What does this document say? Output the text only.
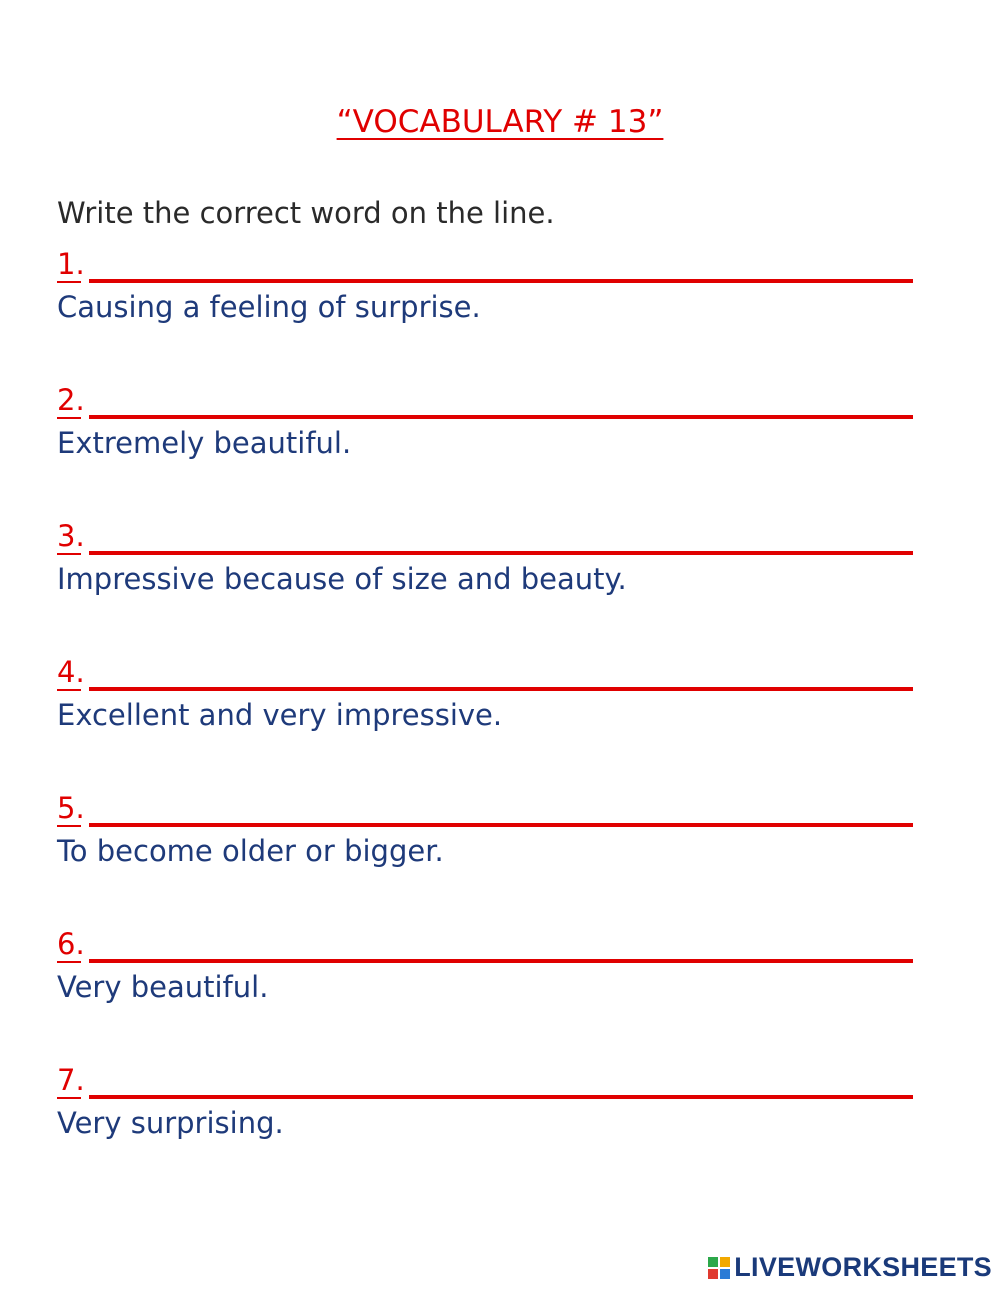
“VOCABULARY # 13”
Write the correct word on the line.
1.
Causing a feeling of surprise.
2.
Extremely beautiful.
3.
Impressive because of size and beauty.
4.
Excellent and very impressive.
5.
To become older or bigger.
6.
Very beautiful.
7.
Very surprising.
LIVEWORKSHEETS
